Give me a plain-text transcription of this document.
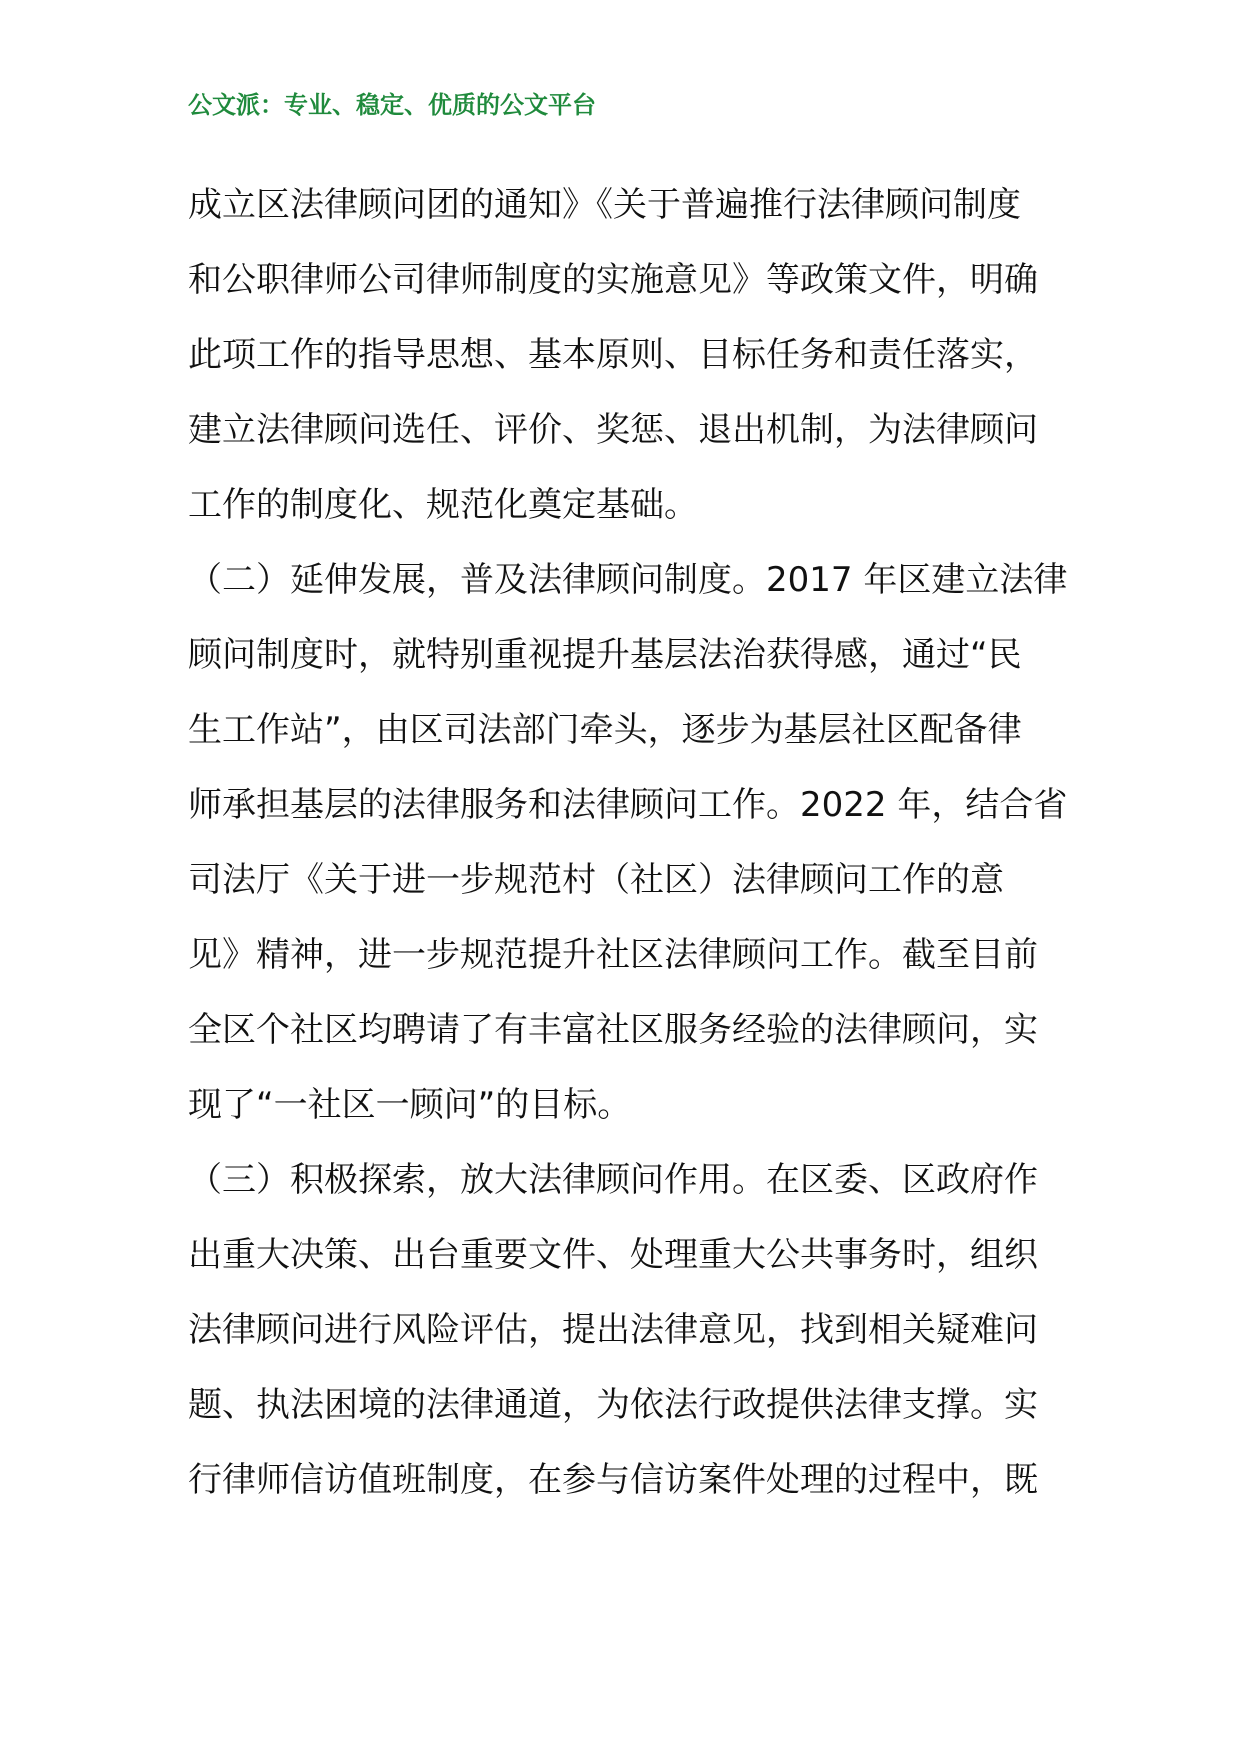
公文派：专业、稳定、优质的公文平台
成立区法律顾问团的通知》《关于普遍推行法律顾问制度
和公职律师公司律师制度的实施意见》等政策文件，明确
此项工作的指导思想、基本原则、目标任务和责任落实，
建立法律顾问选任、评价、奖惩、退出机制，为法律顾问
工作的制度化、规范化奠定基础。
（二）延伸发展，普及法律顾问制度。2017 年区建立法律
顾问制度时，就特别重视提升基层法治获得感，通过“民
生工作站”，由区司法部门牵头，逐步为基层社区配备律
师承担基层的法律服务和法律顾问工作。2022 年，结合省
司法厅《关于进一步规范村（社区）法律顾问工作的意
见》精神，进一步规范提升社区法律顾问工作。截至目前
全区个社区均聘请了有丰富社区服务经验的法律顾问，实
现了“一社区一顾问”的目标。
（三）积极探索，放大法律顾问作用。在区委、区政府作
出重大决策、出台重要文件、处理重大公共事务时，组织
法律顾问进行风险评估，提出法律意见，找到相关疑难问
题、执法困境的法律通道，为依法行政提供法律支撑。实
行律师信访值班制度，在参与信访案件处理的过程中，既
